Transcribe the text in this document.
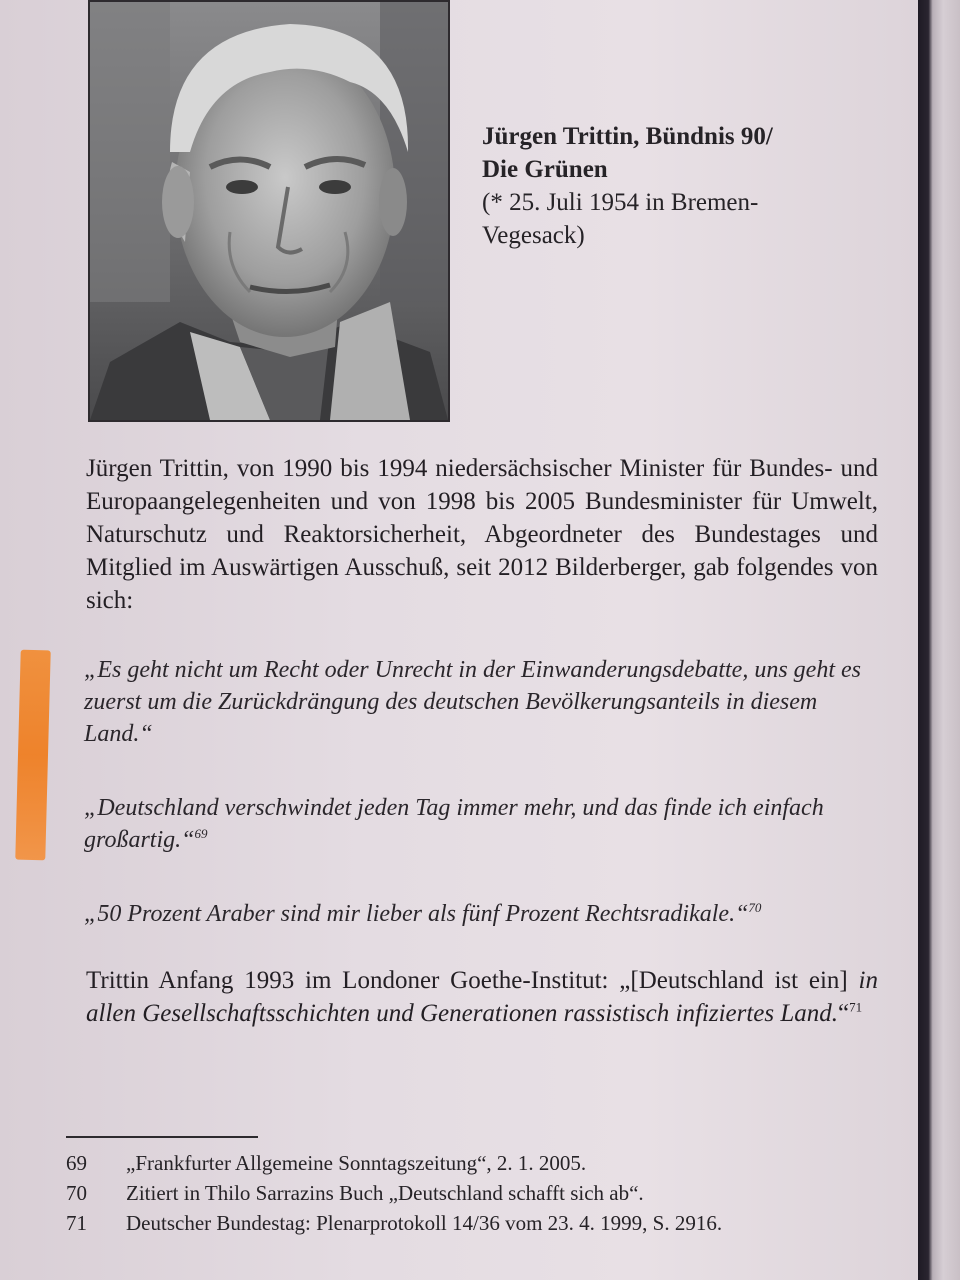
Jürgen Trittin, Bündnis 90/
Die Grünen
(* 25. Juli 1954 in Bremen-
Vegesack)

Jürgen Trittin, von 1990 bis 1994 niedersächsischer Minister für Bundes- und Europaangelegenheiten und von 1998 bis 2005 Bundesminister für Umwelt, Naturschutz und Reaktorsicherheit, Abgeordneter des Bundestages und Mitglied im Auswärtigen Ausschuß, seit 2012 Bilderberger, gab folgendes von sich:

„Es geht nicht um Recht oder Unrecht in der Einwanderungsdebatte, uns geht es zuerst um die Zurückdrängung des deutschen Bevölkerungsanteils in diesem Land.“

„Deutschland verschwindet jeden Tag immer mehr, und das finde ich einfach großartig.“$^{69}$

„50 Prozent Araber sind mir lieber als fünf Prozent Rechtsradikale.“$^{70}$

Trittin Anfang 1993 im Londoner Goethe-Institut: „[Deutschland ist ein] in allen Gesellschaftsschichten und Generationen rassistisch infiziertes Land.“$^{71}$

69 „Frankfurter Allgemeine Sonntagszeitung“, 2. 1. 2005.
70 Zitiert in Thilo Sarrazins Buch „Deutschland schafft sich ab“.
71 Deutscher Bundestag: Plenarprotokoll 14/36 vom 23. 4. 1999, S. 2916.
